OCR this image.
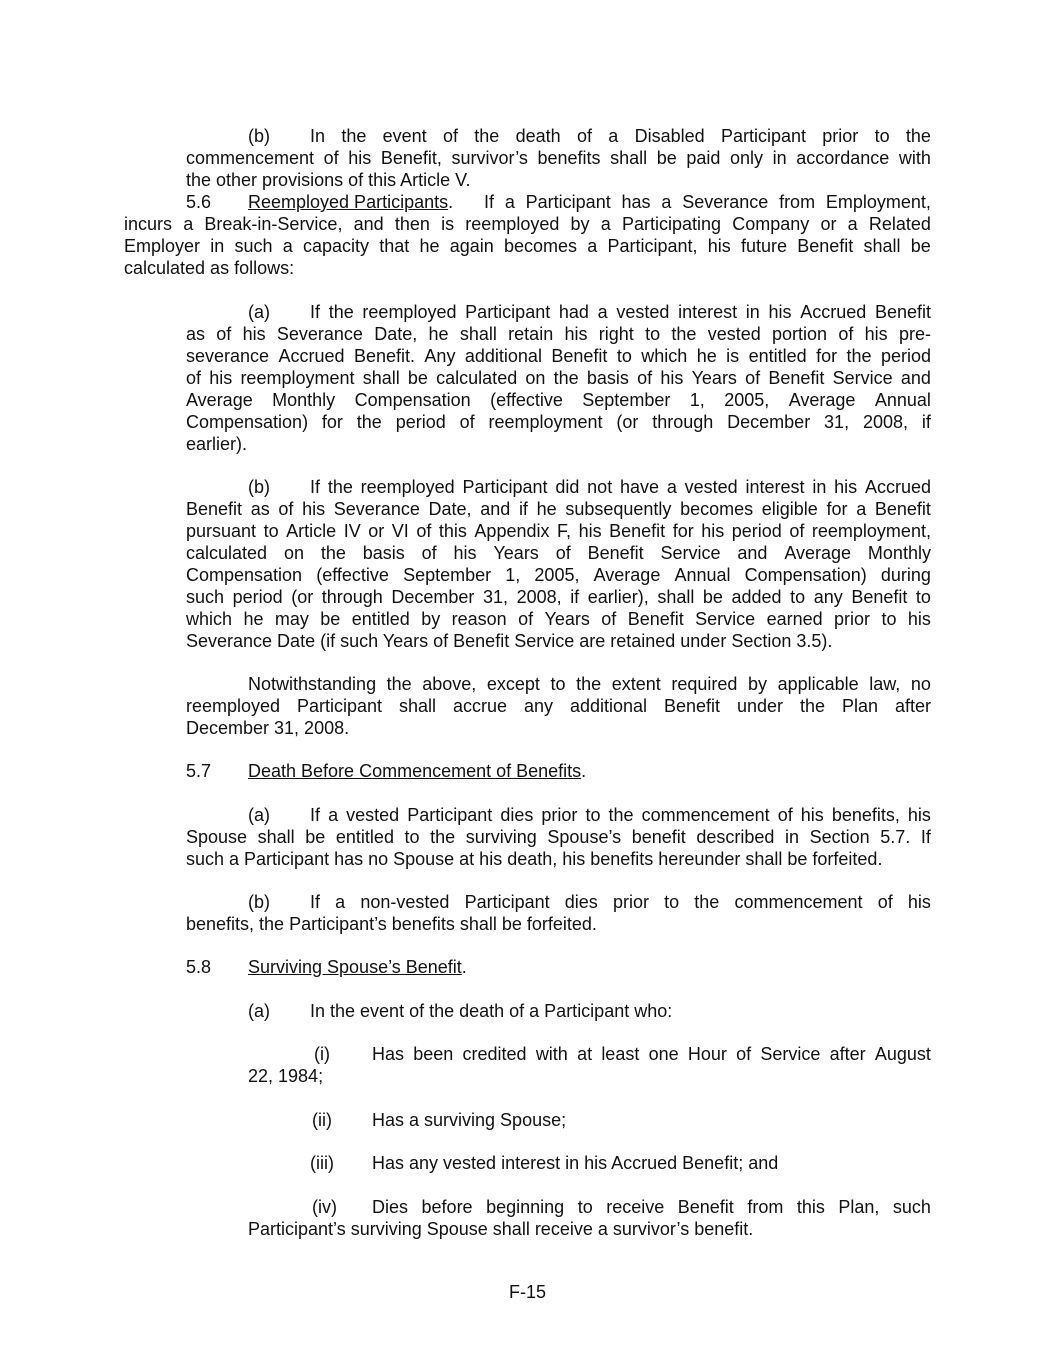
(b) In the event of the death of a Disabled Participant prior to the
commencement of his Benefit, survivor’s benefits shall be paid only in accordance with
the other provisions of this Article V.
5.6 Reemployed Participants. If a Participant has a Severance from Employment,
incurs a Break-in-Service, and then is reemployed by a Participating Company or a Related
Employer in such a capacity that he again becomes a Participant, his future Benefit shall be
calculated as follows:
(a) If the reemployed Participant had a vested interest in his Accrued Benefit
as of his Severance Date, he shall retain his right to the vested portion of his pre-
severance Accrued Benefit. Any additional Benefit to which he is entitled for the period
of his reemployment shall be calculated on the basis of his Years of Benefit Service and
Average Monthly Compensation (effective September 1, 2005, Average Annual
Compensation) for the period of reemployment (or through December 31, 2008, if
earlier).
(b) If the reemployed Participant did not have a vested interest in his Accrued
Benefit as of his Severance Date, and if he subsequently becomes eligible for a Benefit
pursuant to Article IV or VI of this Appendix F, his Benefit for his period of reemployment,
calculated on the basis of his Years of Benefit Service and Average Monthly
Compensation (effective September 1, 2005, Average Annual Compensation) during
such period (or through December 31, 2008, if earlier), shall be added to any Benefit to
which he may be entitled by reason of Years of Benefit Service earned prior to his
Severance Date (if such Years of Benefit Service are retained under Section 3.5).
Notwithstanding the above, except to the extent required by applicable law, no
reemployed Participant shall accrue any additional Benefit under the Plan after
December 31, 2008.
5.7 Death Before Commencement of Benefits.
(a) If a vested Participant dies prior to the commencement of his benefits, his
Spouse shall be entitled to the surviving Spouse’s benefit described in Section 5.7. If
such a Participant has no Spouse at his death, his benefits hereunder shall be forfeited.
(b) If a non-vested Participant dies prior to the commencement of his
benefits, the Participant’s benefits shall be forfeited.
5.8 Surviving Spouse’s Benefit.
(a) In the event of the death of a Participant who:
(i) Has been credited with at least one Hour of Service after August
22, 1984;
(ii) Has a surviving Spouse;
(iii) Has any vested interest in his Accrued Benefit; and
(iv) Dies before beginning to receive Benefit from this Plan, such
Participant’s surviving Spouse shall receive a survivor’s benefit.
F-15
